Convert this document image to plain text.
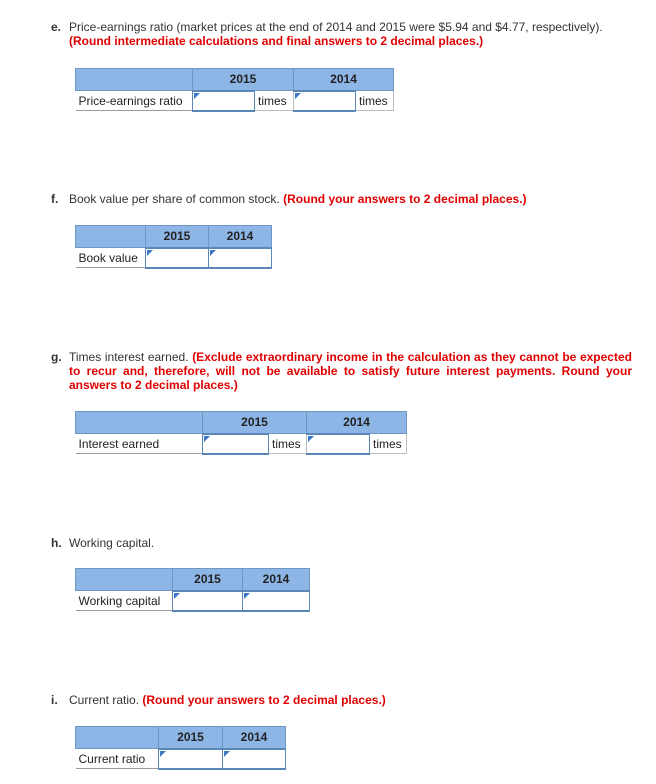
e. Price-earnings ratio (market prices at the end of 2014 and 2015 were $5.94 and $4.77, respectively).
(Round intermediate calculations and final answers to 2 decimal places.)
	2015		2014	
Price-earnings ratio		times		times
f. Book value per share of common stock. (Round your answers to 2 decimal places.)
	2015	2014
Book value	

g. Times interest earned. (Exclude extraordinary income in the calculation as they cannot be expected to recur and, therefore, will not be available to satisfy future interest payments. Round your answers to 2 decimal places.)
	2015		2014	
Interest earned		times		times
h. Working capital.
	2015	2014
Working capital	

i. Current ratio. (Round your answers to 2 decimal places.)
	2015	2014
Current ratio	
